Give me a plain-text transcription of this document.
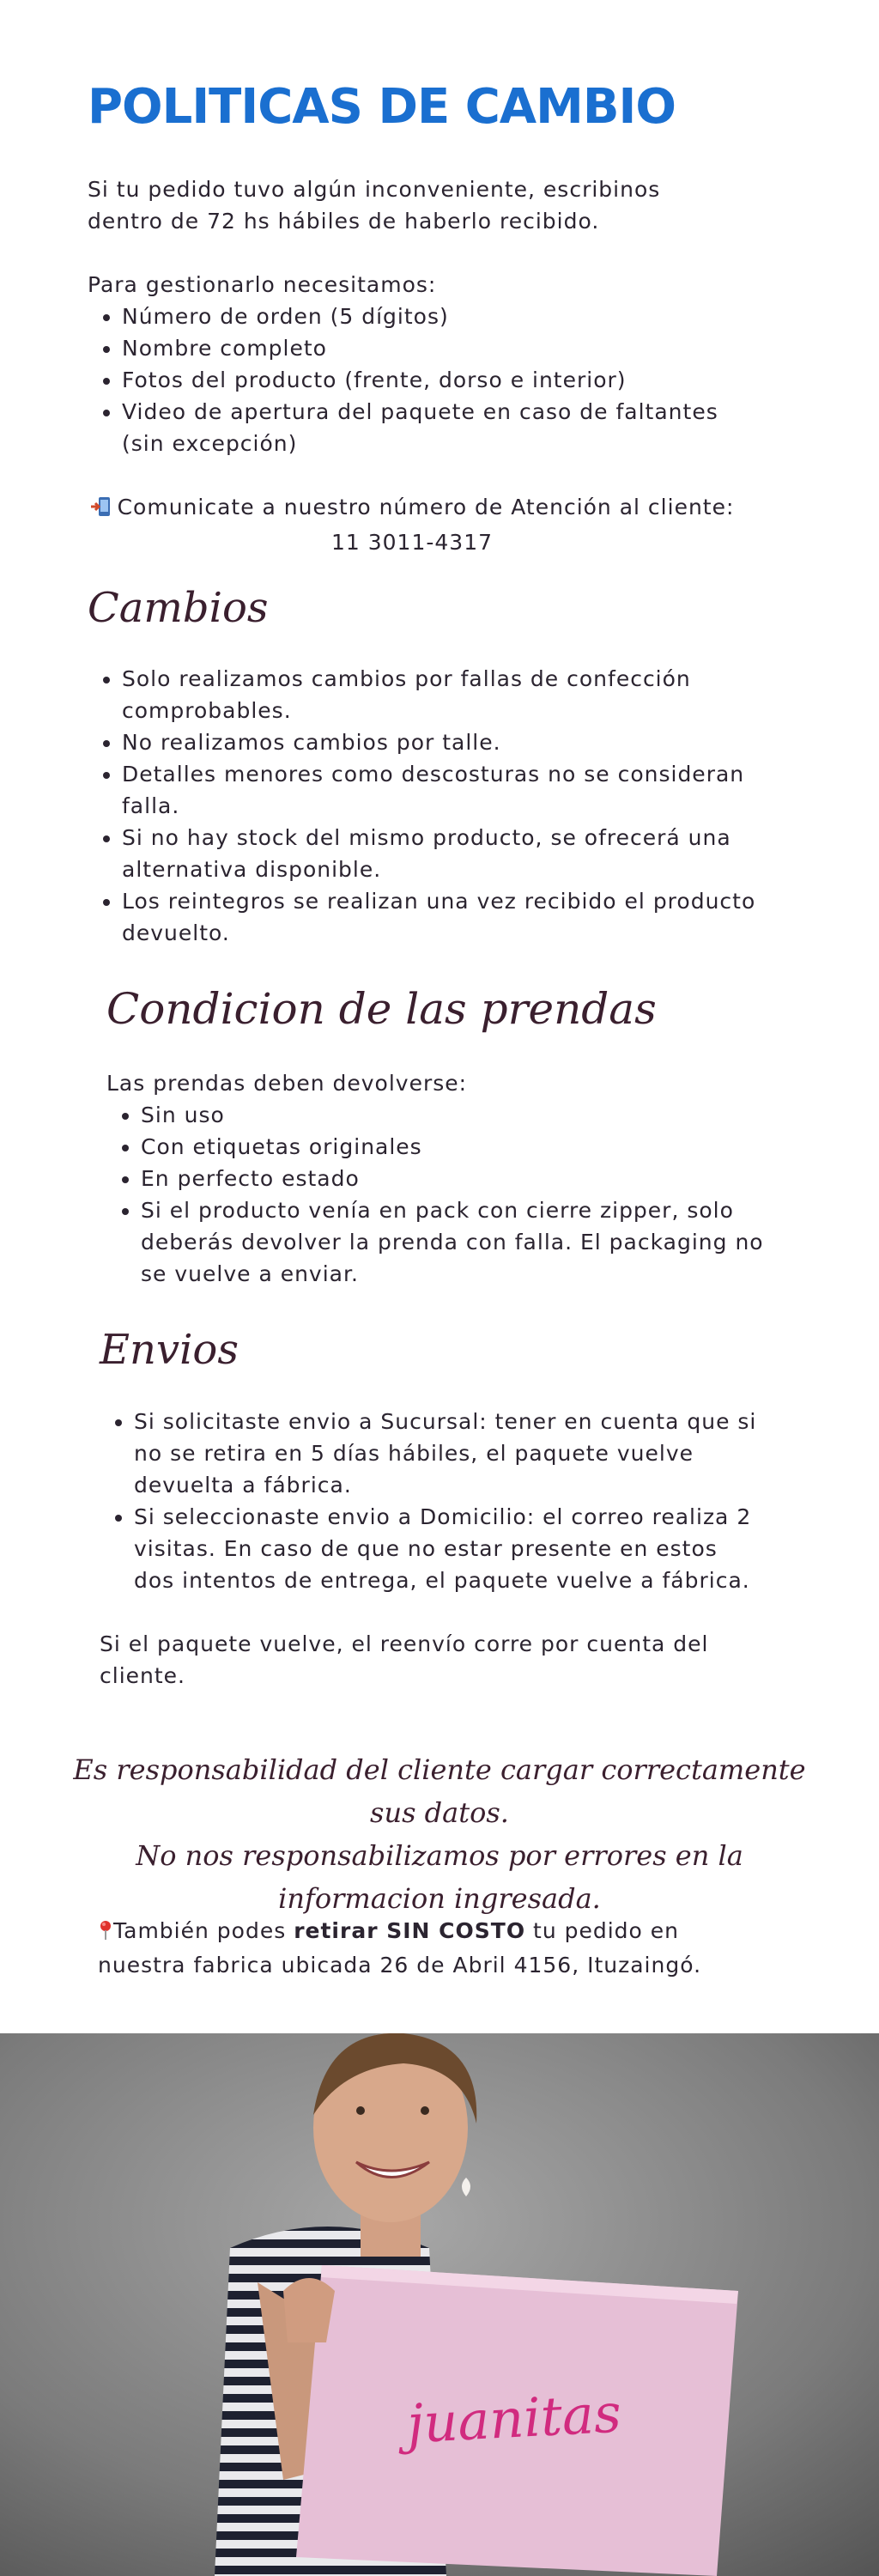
POLITICAS DE CAMBIO
Si tu pedido tuvo algún inconveniente, escribinos dentro de 72 hs hábiles de haberlo recibido.
Para gestionarlo necesitamos:
• Número de orden (5 dígitos)
• Nombre completo
• Fotos del producto (frente, dorso e interior)
• Video de apertura del paquete en caso de faltantes (sin excepción)
Comunicate a nuestro número de Atención al cliente:
11 3011-4317
Cambios
• Solo realizamos cambios por fallas de confección comprobables.
• No realizamos cambios por talle.
• Detalles menores como descosturas no se consideran falla.
• Si no hay stock del mismo producto, se ofrecerá una alternativa disponible.
• Los reintegros se realizan una vez recibido el producto devuelto.
Condicion de las prendas
Las prendas deben devolverse:
• Sin uso
• Con etiquetas originales
• En perfecto estado
• Si el producto venía en pack con cierre zipper, solo deberás devolver la prenda con falla. El packaging no se vuelve a enviar.
Envios
• Si solicitaste envio a Sucursal: tener en cuenta que si no se retira en 5 días hábiles, el paquete vuelve devuelta a fábrica.
• Si seleccionaste envio a Domicilio: el correo realiza 2 visitas. En caso de que no estar presente en estos dos intentos de entrega, el paquete vuelve a fábrica.
Si el paquete vuelve, el reenvío corre por cuenta del cliente.
Es responsabilidad del cliente cargar correctamente sus datos.
No nos responsabilizamos por errores en la informacion ingresada.
También podes retirar SIN COSTO tu pedido en nuestra fabrica ubicada 26 de Abril 4156, Ituzaingó.
juanitas
